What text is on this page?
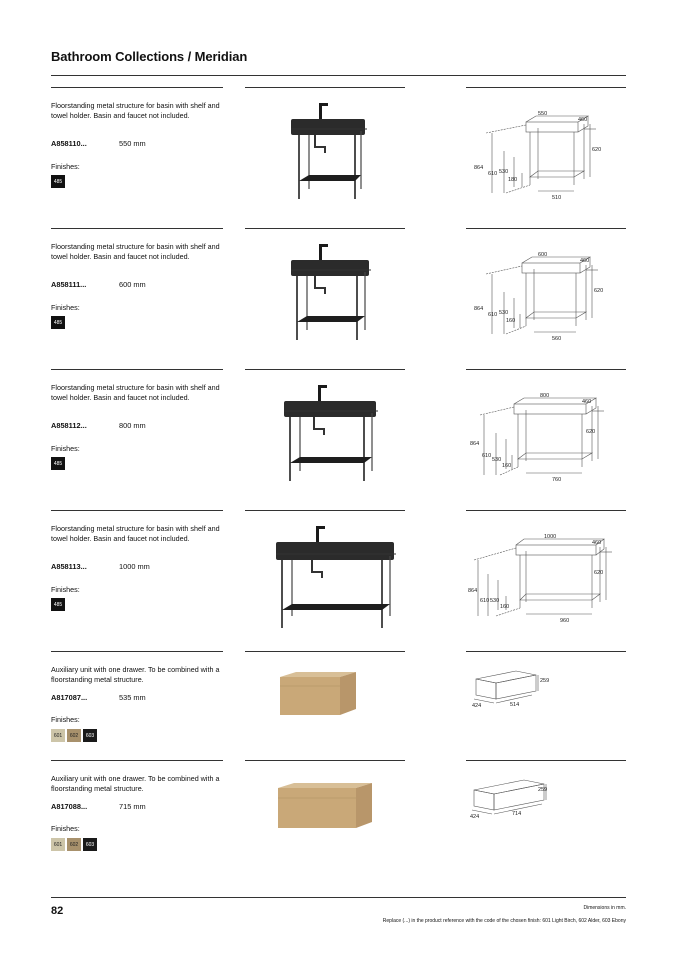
Bathroom Collections / Meridian
Floorstanding metal structure for basin with shelf and towel holder. Basin and faucet not included.
A858110...	550 mm
Finishes:
485
550
460
620
864
610 530
180
510
Floorstanding metal structure for basin with shelf and towel holder. Basin and faucet not included.
A858111...	600 mm
Finishes:
485
600
460
620
864
610 530
160
560
Floorstanding metal structure for basin with shelf and towel holder. Basin and faucet not included.
A858112...	800 mm
Finishes:
485
800
460
620
864
610
530
160
760
Floorstanding metal structure for basin with shelf and towel holder. Basin and faucet not included.
A858113...	1000 mm
Finishes:
485
1000
460
620
864
610 530
160
960
Auxiliary unit with one drawer. To be combined with a floorstanding metal structure.
A817087...	535 mm
Finishes:
601	602	603
259
424	514
Auxiliary unit with one drawer. To be combined with a floorstanding metal structure.
A817088...	715 mm
Finishes:
601	602	603
259
424	714
82	Dimensions in mm.
Replace (...) in the product reference with the code of the chosen finish: 601 Light Birch, 602 Alder, 603 Ebony
